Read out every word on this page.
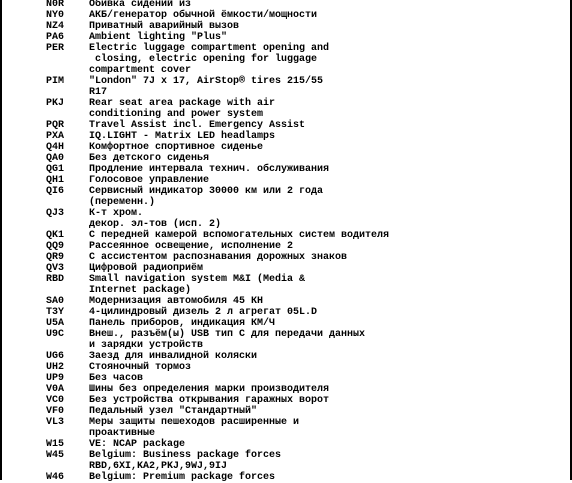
N0R	Обивка сидений из
NY0	АКБ/генератор обычной ёмкости/мощности
NZ4	Приватный аварийный вызов
PA6	Ambient lighting "Plus"
PER	Electric luggage compartment opening and
closing, electric opening for luggage
compartment cover
PIM	"London" 7J x 17, AirStop® tires 215/55
R17
PKJ	Rear seat area package with air
conditioning and power system
PQR	Travel Assist incl. Emergency Assist
PXA	IQ.LIGHT - Matrix LED headlamps
Q4H	Комфортное спортивное сиденье
QA0	Без детского сиденья
QG1	Продление интервала технич. обслуживания
QH1	Голосовое управление
QI6	Сервисный индикатор 30000 км или 2 года
(переменн.)
QJ3	К-т хром.
декор. эл-тов (исп. 2)
QK1	С передней камерой вспомогательных систем водителя
QQ9	Рассеянное освещение, исполнение 2
QR9	С ассистентом распознавания дорожных знаков
QV3	Цифровой радиоприём
RBD	Small navigation system M&I (Media &
Internet package)
SA0	Модернизация автомобиля 45 КН
T3Y	4-цилиндровый дизель 2 л агрегат 05L.D
U5A	Панель приборов, индикация КМ/Ч
U9C	Внеш., разъём(ы) USB тип C для передачи данных
и зарядки устройств
UG6	Заезд для инвалидной коляски
UH2	Стояночный тормоз
UP9	Без часов
V0A	Шины без определения марки производителя
VC0	Без устройства открывания гаражных ворот
VF0	Педальный узел "Стандартный"
VL3	Меры защиты пешеходов расширенные и
проактивные
W15	VE: NCAP package
W45	Belgium: Business package forces
RBD,6XI,KA2,PKJ,9WJ,9IJ
W46	Belgium: Premium package forces
